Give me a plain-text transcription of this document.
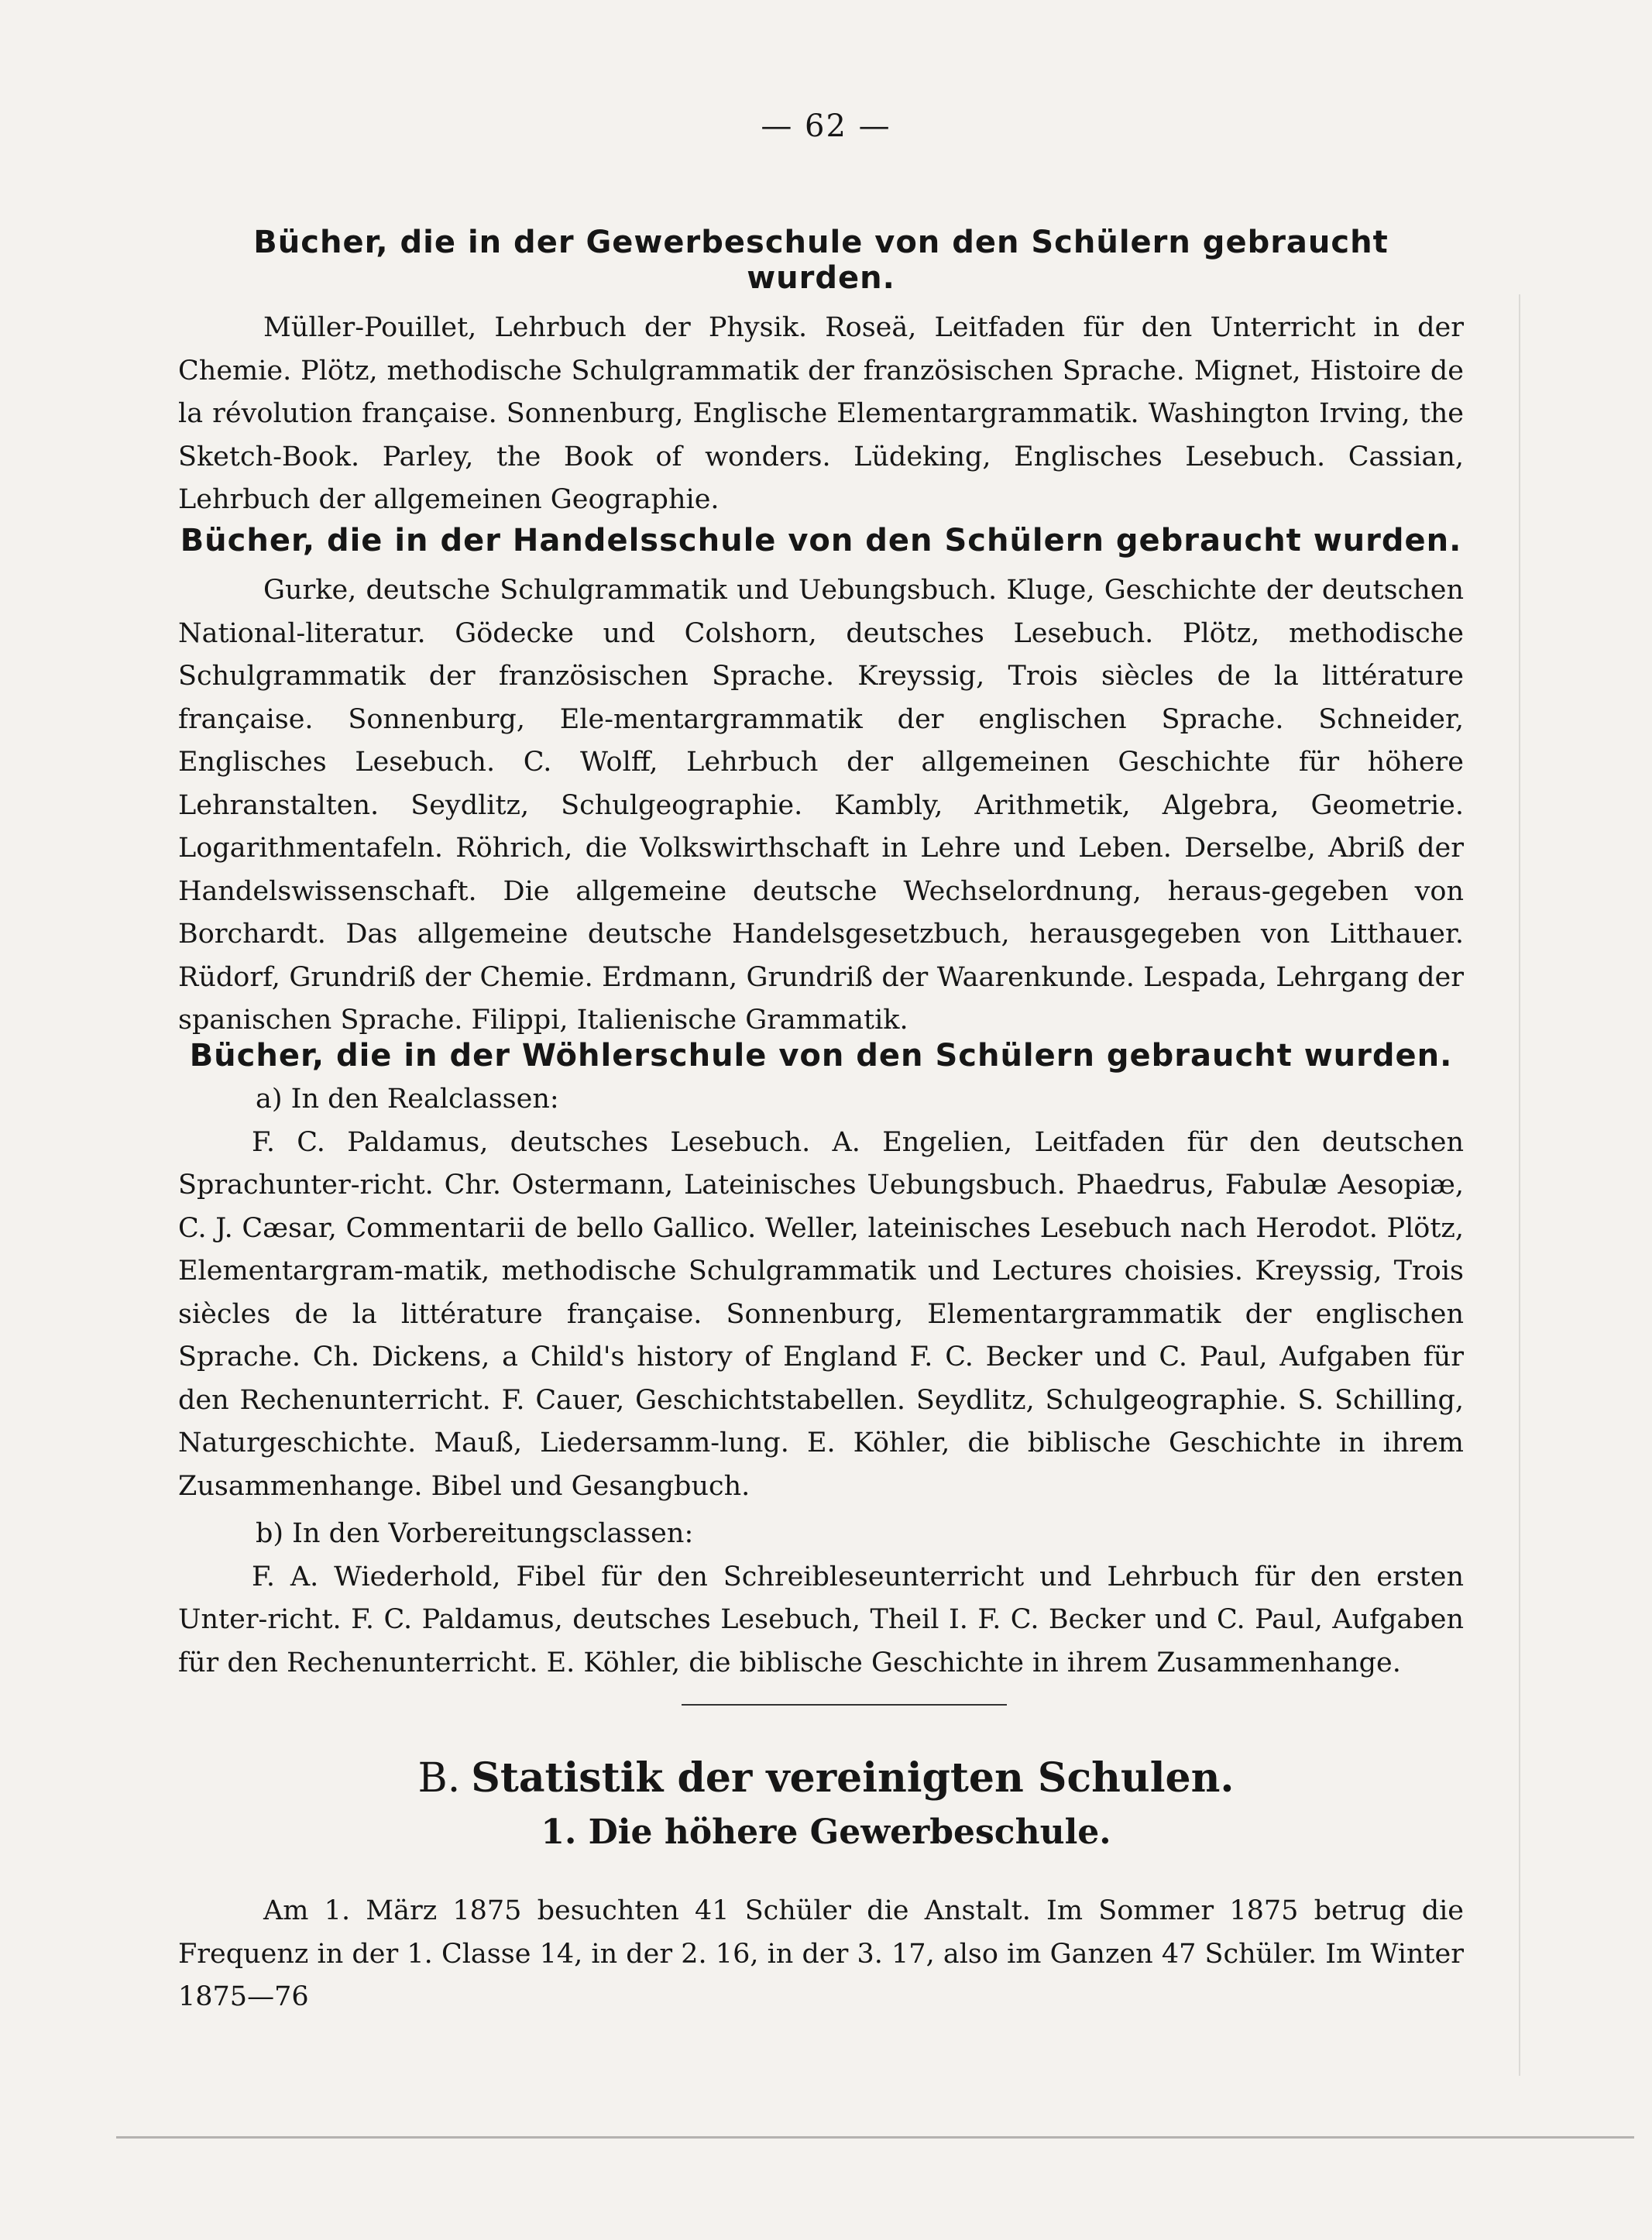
— 62 —
Bücher, die in der Gewerbeschule von den Schülern gebraucht wurden.

Müller-Pouillet, Lehrbuch der Physik. Roseä, Leitfaden für den Unterricht in der Chemie. Plötz, methodische Schulgrammatik der französischen Sprache. Mignet, Histoire de la révolution française. Sonnenburg, Englische Elementargrammatik. Washington Irving, the Sketch-Book. Parley, the Book of wonders. Lüdeking, Englisches Lesebuch. Cassian, Lehrbuch der allgemeinen Geographie.

Bücher, die in der Handelsschule von den Schülern gebraucht wurden.

Gurke, deutsche Schulgrammatik und Uebungsbuch. Kluge, Geschichte der deutschen National-literatur. Gödecke und Colshorn, deutsches Lesebuch. Plötz, methodische Schulgrammatik der französischen Sprache. Kreyssig, Trois siècles de la littérature française. Sonnenburg, Ele-mentargrammatik der englischen Sprache. Schneider, Englisches Lesebuch. C. Wolff, Lehrbuch der allgemeinen Geschichte für höhere Lehranstalten. Seydlitz, Schulgeographie. Kambly, Arithmetik, Algebra, Geometrie. Logarithmentafeln. Röhrich, die Volkswirthschaft in Lehre und Leben. Derselbe, Abriß der Handelswissenschaft. Die allgemeine deutsche Wechselordnung, heraus-gegeben von Borchardt. Das allgemeine deutsche Handelsgesetzbuch, herausgegeben von Litthauer. Rüdorf, Grundriß der Chemie. Erdmann, Grundriß der Waarenkunde. Lespada, Lehrgang der spanischen Sprache. Filippi, Italienische Grammatik.

Bücher, die in der Wöhlerschule von den Schülern gebraucht wurden.

a) In den Realclassen:

F. C. Paldamus, deutsches Lesebuch. A. Engelien, Leitfaden für den deutschen Sprachunter-richt. Chr. Ostermann, Lateinisches Uebungsbuch. Phaedrus, Fabulæ Aesopiæ, C. J. Cæsar, Commentarii de bello Gallico. Weller, lateinisches Lesebuch nach Herodot. Plötz, Elementargram-matik, methodische Schulgrammatik und Lectures choisies. Kreyssig, Trois siècles de la littérature française. Sonnenburg, Elementargrammatik der englischen Sprache. Ch. Dickens, a Child's history of England F. C. Becker und C. Paul, Aufgaben für den Rechenunterricht. F. Cauer, Geschichtstabellen. Seydlitz, Schulgeographie. S. Schilling, Naturgeschichte. Mauß, Liedersamm-lung. E. Köhler, die biblische Geschichte in ihrem Zusammenhange. Bibel und Gesangbuch.

b) In den Vorbereitungsclassen:

F. A. Wiederhold, Fibel für den Schreibleseunterricht und Lehrbuch für den ersten Unter-richt. F. C. Paldamus, deutsches Lesebuch, Theil I. F. C. Becker und C. Paul, Aufgaben für den Rechenunterricht. E. Köhler, die biblische Geschichte in ihrem Zusammenhange.

B. Statistik der vereinigten Schulen.
1. Die höhere Gewerbeschule.

Am 1. März 1875 besuchten 41 Schüler die Anstalt. Im Sommer 1875 betrug die Frequenz in der 1. Classe 14, in der 2. 16, in der 3. 17, also im Ganzen 47 Schüler. Im Winter 1875—76
